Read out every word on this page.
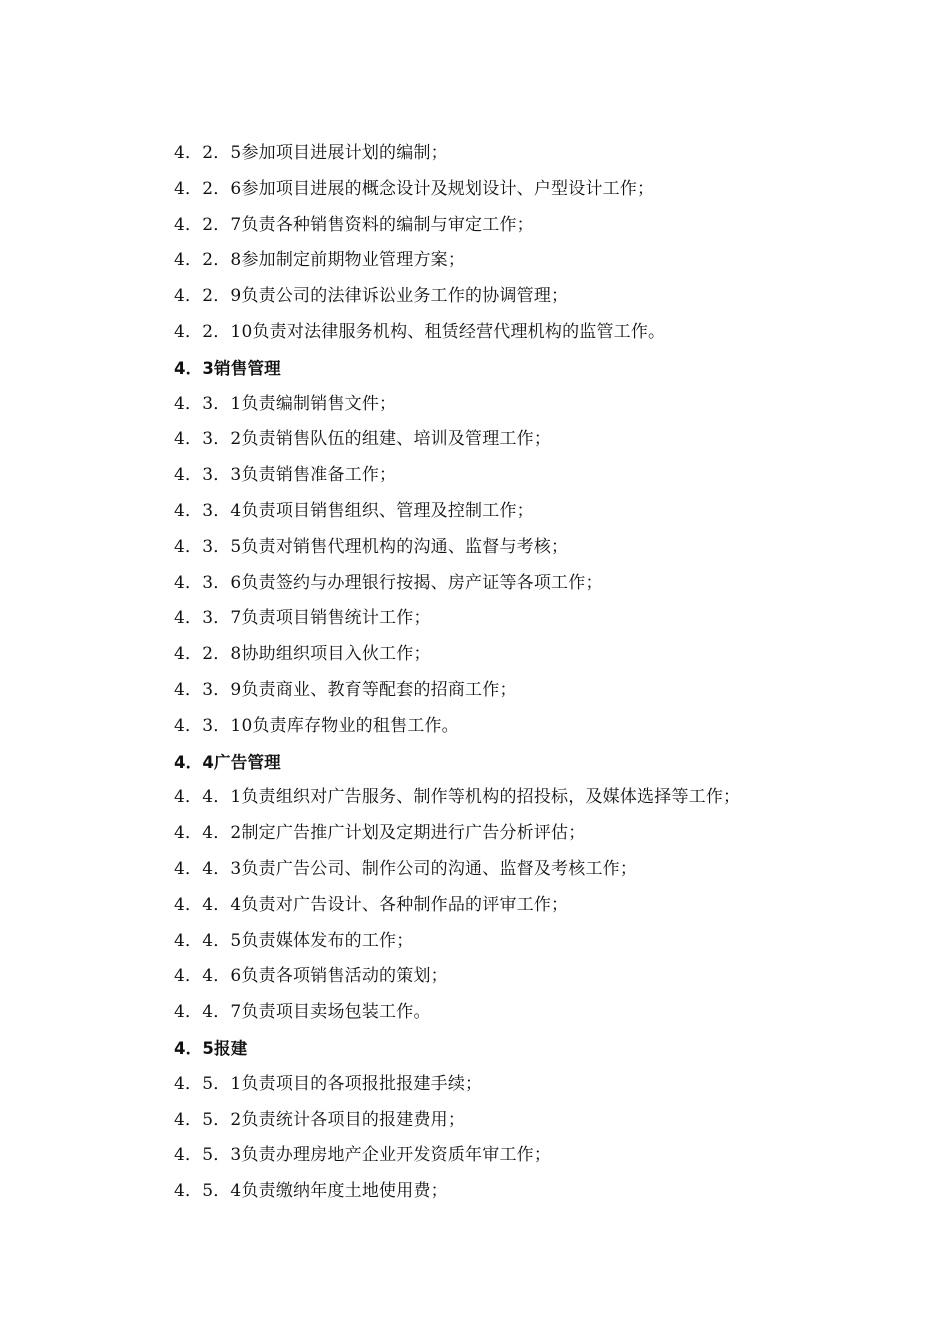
4．2．5参加项目进展计划的编制；
4．2．6参加项目进展的概念设计及规划设计、户型设计工作；
4．2．7负责各种销售资料的编制与审定工作；
4．2．8参加制定前期物业管理方案；
4．2．9负责公司的法律诉讼业务工作的协调管理；
4．2．10负责对法律服务机构、租赁经营代理机构的监管工作。
4．3销售管理
4．3．1负责编制销售文件；
4．3．2负责销售队伍的组建、培训及管理工作；
4．3．3负责销售准备工作；
4．3．4负责项目销售组织、管理及控制工作；
4．3．5负责对销售代理机构的沟通、监督与考核；
4．3．6负责签约与办理银行按揭、房产证等各项工作；
4．3．7负责项目销售统计工作；
4．2．8协助组织项目入伙工作；
4．3．9负责商业、教育等配套的招商工作；
4．3．10负责库存物业的租售工作。
4．4广告管理
4．4．1负责组织对广告服务、制作等机构的招投标，及媒体选择等工作；
4．4．2制定广告推广计划及定期进行广告分析评估；
4．4．3负责广告公司、制作公司的沟通、监督及考核工作；
4．4．4负责对广告设计、各种制作品的评审工作；
4．4．5负责媒体发布的工作；
4．4．6负责各项销售活动的策划；
4．4．7负责项目卖场包装工作。
4．5报建
4．5．1负责项目的各项报批报建手续；
4．5．2负责统计各项目的报建费用；
4．5．3负责办理房地产企业开发资质年审工作；
4．5．4负责缴纳年度土地使用费；
